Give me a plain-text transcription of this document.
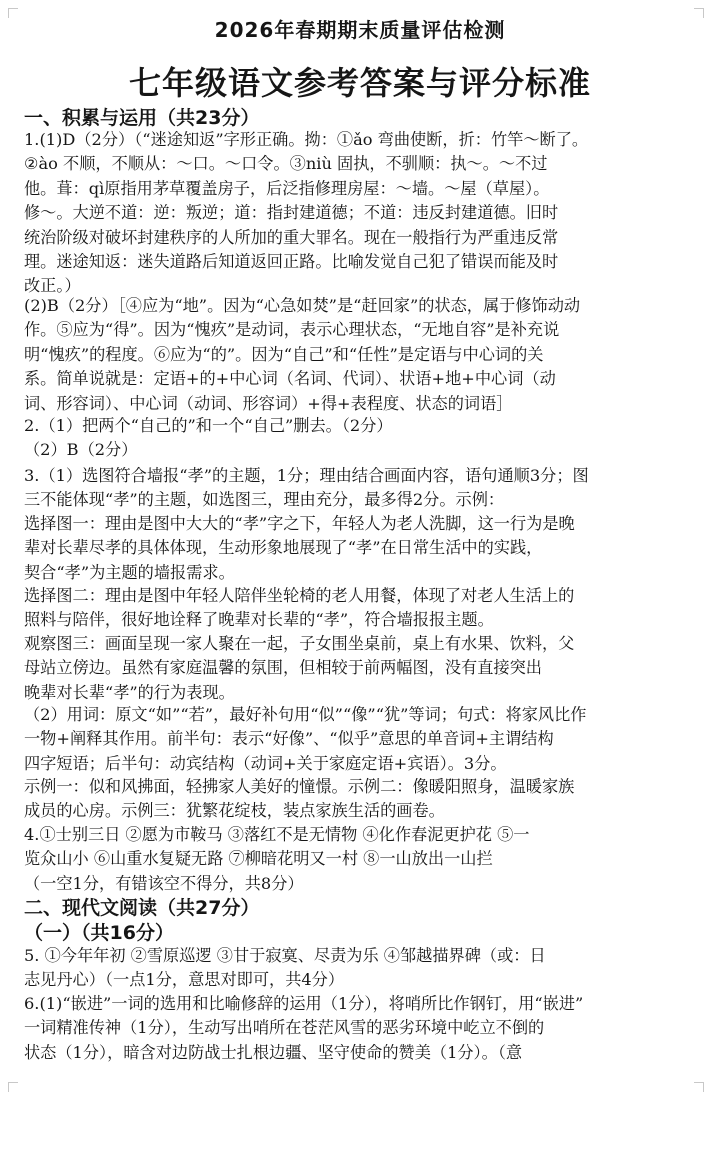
2026年春期期末质量评估检测
七年级语文参考答案与评分标准
一、积累与运用（共23分）
1.(1)D（2分）（“迷途知返”字形正确。拗：①ǎo 弯曲使断，折：竹竿～断了。
②ào 不顺，不顺从：～口。～口令。③niù 固执，不驯顺：执～。～不过
他。葺：qì原指用茅草覆盖房子，后泛指修理房屋：～墙。～屋（草屋）。
修～。大逆不道：逆：叛逆；道：指封建道德；不道：违反封建道德。旧时
统治阶级对破坏封建秩序的人所加的重大罪名。现在一般指行为严重违反常
理。迷途知返：迷失道路后知道返回正路。比喻发觉自己犯了错误而能及时
改正。）
(2)B（2分）［④应为“地”。因为“心急如焚”是“赶回家”的状态，属于修饰动动
作。⑤应为“得”。因为“愧疚”是动词，表示心理状态，“无地自容”是补充说
明“愧疚”的程度。⑥应为“的”。因为“自己”和“任性”是定语与中心词的关
系。简单说就是：定语+的+中心词（名词、代词）、状语+地+中心词（动
词、形容词）、中心词（动词、形容词）+得+表程度、状态的词语］
2.（1）把两个“自己的”和一个“自己”删去。（2分）
（2）B（2分）
3.（1）选图符合墙报“孝”的主题，1分；理由结合画面内容，语句通顺3分；图
三不能体现“孝”的主题，如选图三，理由充分，最多得2分。示例：
选择图一：理由是图中大大的“孝”字之下，年轻人为老人洗脚，这一行为是晚
辈对长辈尽孝的具体体现，生动形象地展现了“孝”在日常生活中的实践，
契合“孝”为主题的墙报需求。
选择图二：理由是图中年轻人陪伴坐轮椅的老人用餐，体现了对老人生活上的
照料与陪伴，很好地诠释了晚辈对长辈的“孝”，符合墙报报主题。
观察图三：画面呈现一家人聚在一起，子女围坐桌前，桌上有水果、饮料，父
母站立傍边。虽然有家庭温馨的氛围，但相较于前两幅图，没有直接突出
晚辈对长辈“孝”的行为表现。
（2）用词：原文“如”“若”，最好补句用“似”“像”“犹”等词；句式：将家风比作
一物+阐释其作用。前半句：表示“好像”、“似乎”意思的单音词+主谓结构
四字短语；后半句：动宾结构（动词+关于家庭定语+宾语）。3分。
示例一：似和风拂面，轻拂家人美好的憧憬。示例二：像暖阳照身，温暖家族
成员的心房。示例三：犹繁花绽枝，装点家族生活的画卷。
4.①士别三日 ②愿为市鞍马 ③落红不是无情物 ④化作春泥更护花 ⑤一
览众山小 ⑥山重水复疑无路 ⑦柳暗花明又一村 ⑧一山放出一山拦
（一空1分，有错该空不得分，共8分）
二、现代文阅读（共27分）
（一）（共16分）
5. ①今年年初 ②雪原巡逻 ③甘于寂寞、尽责为乐 ④邹越描界碑（或：日
志见丹心）（一点1分，意思对即可，共4分）
6.(1)“嵌进”一词的选用和比喻修辞的运用（1分），将哨所比作钢钉，用“嵌进”
一词精准传神（1分），生动写出哨所在苍茫风雪的恶劣环境中屹立不倒的
状态（1分），暗含对边防战士扎根边疆、坚守使命的赞美（1分）。（意
